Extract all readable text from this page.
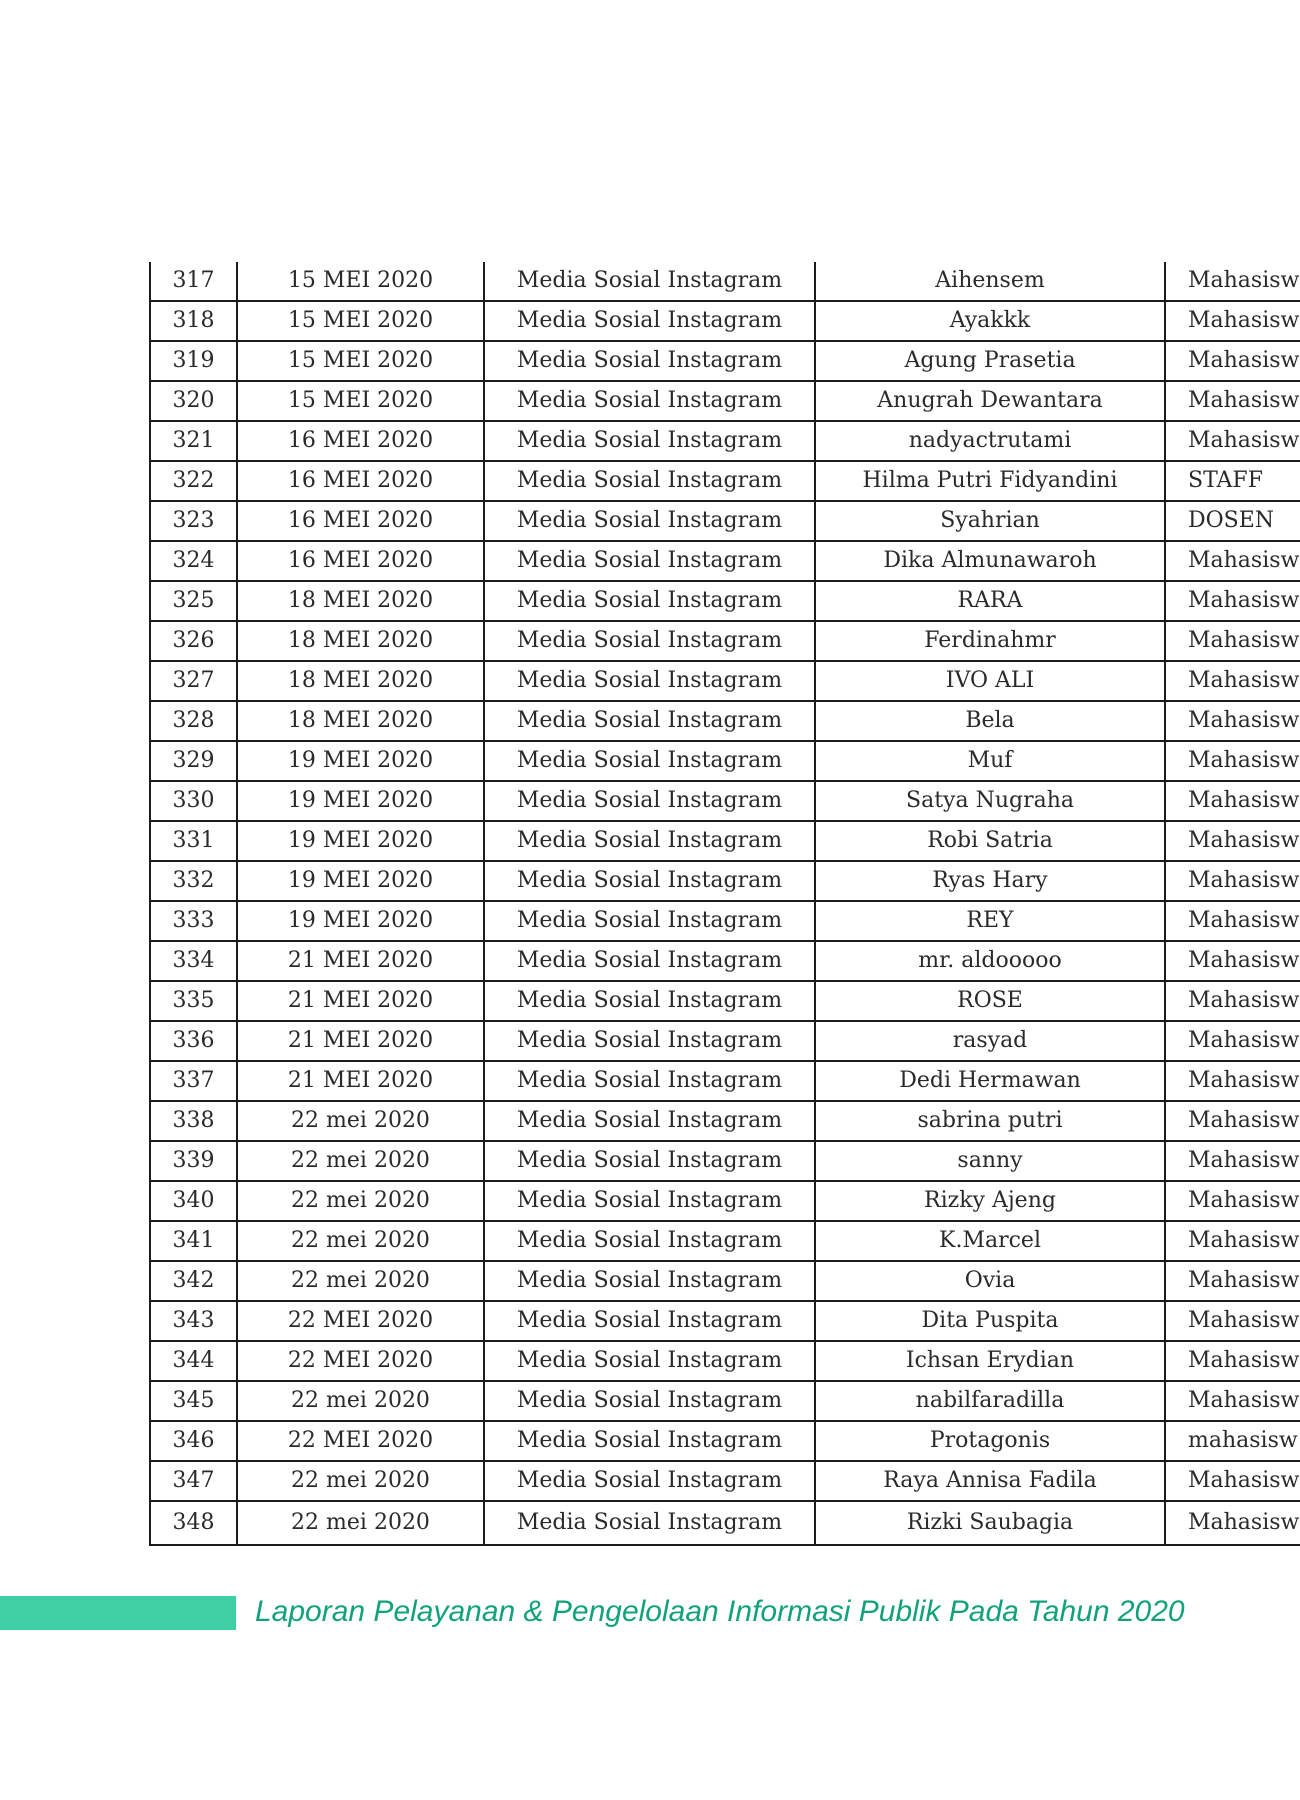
317	15 MEI 2020	Media Sosial Instagram	Aihensem	Mahasisw
318	15 MEI 2020	Media Sosial Instagram	Ayakkk	Mahasisw
319	15 MEI 2020	Media Sosial Instagram	Agung Prasetia	Mahasisw
320	15 MEI 2020	Media Sosial Instagram	Anugrah Dewantara	Mahasisw
321	16 MEI 2020	Media Sosial Instagram	nadyactrutami	Mahasisw
322	16 MEI 2020	Media Sosial Instagram	Hilma Putri Fidyandini	STAFF
323	16 MEI 2020	Media Sosial Instagram	Syahrian	DOSEN
324	16 MEI 2020	Media Sosial Instagram	Dika Almunawaroh	Mahasisw
325	18 MEI 2020	Media Sosial Instagram	RARA	Mahasisw
326	18 MEI 2020	Media Sosial Instagram	Ferdinahmr	Mahasisw
327	18 MEI 2020	Media Sosial Instagram	IVO ALI	Mahasisw
328	18 MEI 2020	Media Sosial Instagram	Bela	Mahasisw
329	19 MEI 2020	Media Sosial Instagram	Muf	Mahasisw
330	19 MEI 2020	Media Sosial Instagram	Satya Nugraha	Mahasisw
331	19 MEI 2020	Media Sosial Instagram	Robi Satria	Mahasisw
332	19 MEI 2020	Media Sosial Instagram	Ryas Hary	Mahasisw
333	19 MEI 2020	Media Sosial Instagram	REY	Mahasisw
334	21 MEI 2020	Media Sosial Instagram	mr. aldooooo	Mahasisw
335	21 MEI 2020	Media Sosial Instagram	ROSE	Mahasisw
336	21 MEI 2020	Media Sosial Instagram	rasyad	Mahasisw
337	21 MEI 2020	Media Sosial Instagram	Dedi Hermawan	Mahasisw
338	22 mei 2020	Media Sosial Instagram	sabrina putri	Mahasisw
339	22 mei 2020	Media Sosial Instagram	sanny	Mahasisw
340	22 mei 2020	Media Sosial Instagram	Rizky Ajeng	Mahasisw
341	22 mei 2020	Media Sosial Instagram	K.Marcel	Mahasisw
342	22 mei 2020	Media Sosial Instagram	Ovia	Mahasisw
343	22 MEI 2020	Media Sosial Instagram	Dita Puspita	Mahasisw
344	22 MEI 2020	Media Sosial Instagram	Ichsan Erydian	Mahasisw
345	22 mei 2020	Media Sosial Instagram	nabilfaradilla	Mahasisw
346	22 MEI 2020	Media Sosial Instagram	Protagonis	mahasisw
347	22 mei 2020	Media Sosial Instagram	Raya Annisa Fadila	Mahasisw
348	22 mei 2020	Media Sosial Instagram	Rizki Saubagia	Mahasisw
Laporan Pelayanan & Pengelolaan Informasi Publik Pada Tahun 2020
